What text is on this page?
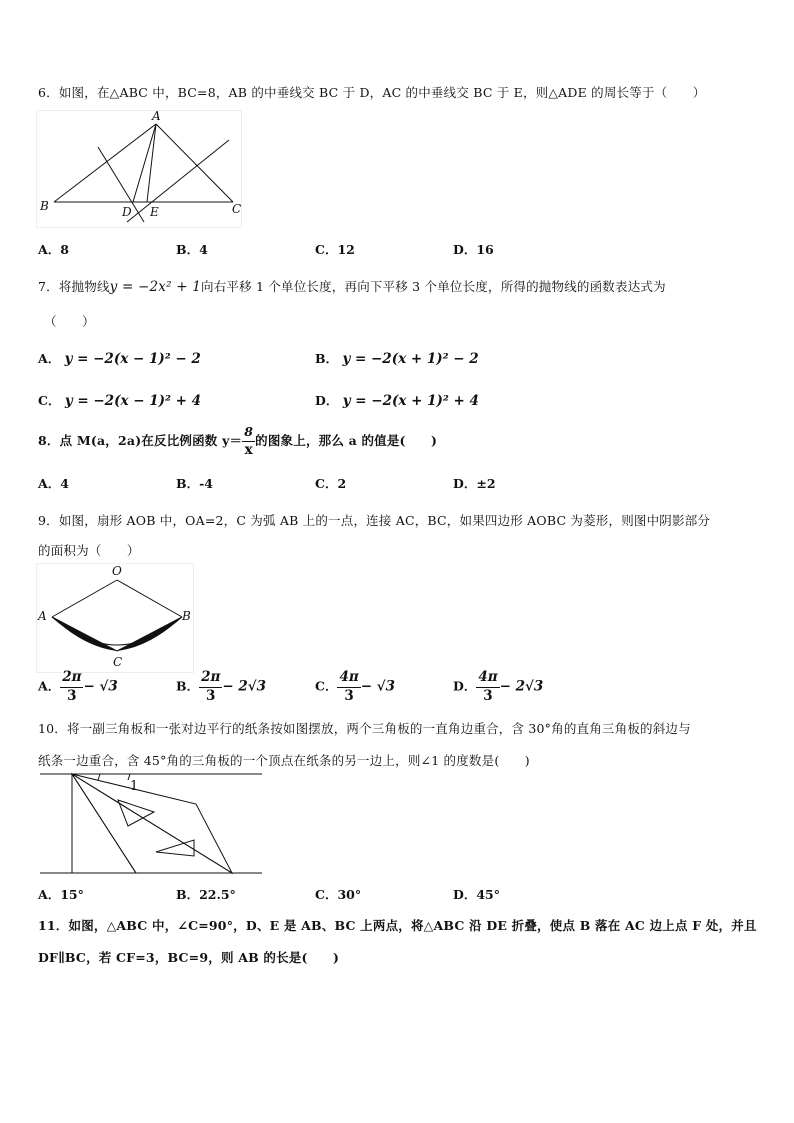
6．如图，在△ABC 中，BC=8，AB 的中垂线交 BC 于 D，AC 的中垂线交 BC 于 E，则△ADE 的周长等于（　　）
A
B	C
D E
A．8	B．4	C．12	D．16
7．将抛物线y = −2x² + 1向右平移 1 个单位长度，再向下平移 3 个单位长度，所得的抛物线的函数表达式为
（　　）
A． y = −2(x − 1)² − 2	B． y = −2(x + 1)² − 2
C． y = −2(x − 1)² + 4	D． y = −2(x + 1)² + 4
8．点 M(a，2a)在反比例函数 $y= \frac{8}{x}$ 的图象上，那么 a 的值是(　　)
A．4	B．-4	C．2	D．±2
9．如图，扇形 AOB 中，OA=2，C 为弧 AB 上的一点，连接 AC，BC，如果四边形 AOBC 为菱形，则图中阴影部分
的面积为（　　）
O
A	B
C
A． $\frac{2\pi}{3} - √3$	B． $\frac{2\pi}{3} - 2√3$	C． $\frac{4\pi}{3} - √3$	D． $\frac{4\pi}{3} - 2√3$
10．将一副三角板和一张对边平行的纸条按如图摆放，两个三角板的一直角边重合，含 30°角的直角三角板的斜边与
纸条一边重合，含 45°角的三角板的一个顶点在纸条的另一边上，则∠1 的度数是(　　)
1
A．15°	B．22.5°	C．30°	D．45°
11．如图，△ABC 中，∠C=90°，D、E 是 AB、BC 上两点，将△ABC 沿 DE 折叠，使点 B 落在 AC 边上点 F 处，并且
DF∥BC，若 CF=3，BC=9，则 AB 的长是(　　)
